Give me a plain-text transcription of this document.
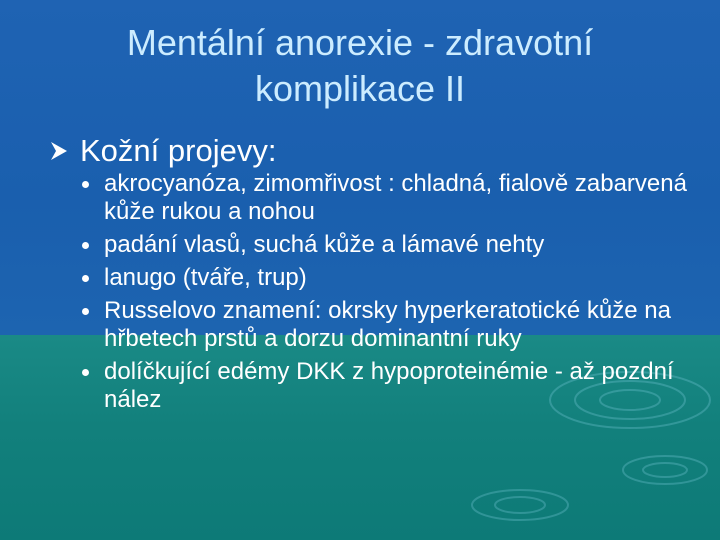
Mentální anorexie - zdravotní
komplikace II
Kožní projevy:
akrocyanóza, zimomřivost : chladná, fialově zabarvená kůže rukou a nohou
padání vlasů, suchá kůže a lámavé nehty
lanugo (tváře, trup)
Russelovo znamení: okrsky hyperkeratotické kůže na hřbetech prstů a dorzu dominantní ruky
dolíčkující edémy DKK z hypoproteinémie - až pozdní nález
